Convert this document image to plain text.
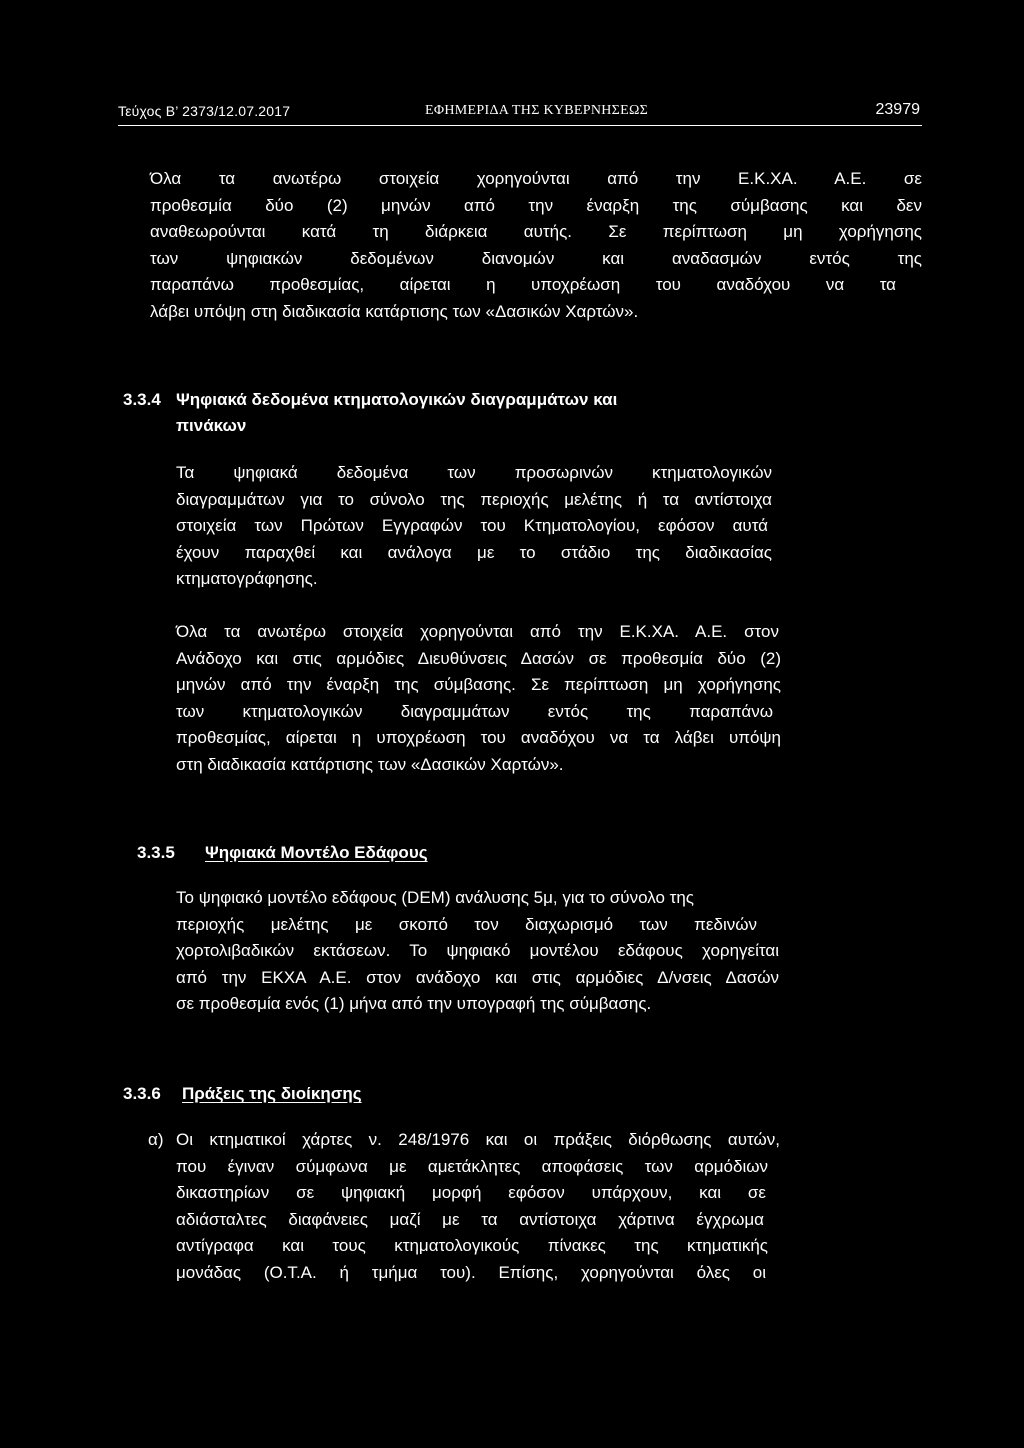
Τεύχος Β’ 2373/12.07.2017	ΕΦΗΜΕΡΙΔΑ ΤΗΣ ΚΥΒΕΡΝΗΣΕΩΣ	23979
Όλα τα ανωτέρω στοιχεία χορηγούνται από την Ε.Κ.ΧΑ. Α.Ε. σε
προθεσμία δύο (2) μηνών από την έναρξη της σύμβασης και δεν
αναθεωρούνται κατά τη διάρκεια αυτής. Σε περίπτωση μη χορήγησης
των ψηφιακών δεδομένων διανομών και αναδασμών εντός της
παραπάνω προθεσμίας, αίρεται η υποχρέωση του αναδόχου να τα
λάβει υπόψη στη διαδικασία κατάρτισης των «Δασικών Χαρτών».
3.3.4 Ψηφιακά δεδομένα κτηματολογικών διαγραμμάτων και
πινάκων
Τα ψηφιακά δεδομένα των προσωρινών κτηματολογικών
διαγραμμάτων για το σύνολο της περιοχής μελέτης ή τα αντίστοιχα
στοιχεία των Πρώτων Εγγραφών του Κτηματολογίου, εφόσον αυτά
έχουν παραχθεί και ανάλογα με το στάδιο της διαδικασίας
κτηματογράφησης.
Όλα τα ανωτέρω στοιχεία χορηγούνται από την Ε.Κ.ΧΑ. Α.Ε. στον
Ανάδοχο και στις αρμόδιες Διευθύνσεις Δασών σε προθεσμία δύο (2)
μηνών από την έναρξη της σύμβασης. Σε περίπτωση μη χορήγησης
των κτηματολογικών διαγραμμάτων εντός της παραπάνω
προθεσμίας, αίρεται η υποχρέωση του αναδόχου να τα λάβει υπόψη
στη διαδικασία κατάρτισης των «Δασικών Χαρτών».
3.3.5 Ψηφιακά Μοντέλο Εδάφους
Το ψηφιακό μοντέλο εδάφους (DEM) ανάλυσης 5μ, για το σύνολο της
περιοχής μελέτης με σκοπό τον διαχωρισμό των πεδινών
χορτολιβαδικών εκτάσεων. Το ψηφιακό μοντέλου εδάφους χορηγείται
από την ΕΚΧΑ Α.Ε. στον ανάδοχο και στις αρμόδιες Δ/νσεις Δασών
σε προθεσμία ενός (1) μήνα από την υπογραφή της σύμβασης.
3.3.6 Πράξεις της διοίκησης
α) Οι κτηματικοί χάρτες ν. 248/1976 και οι πράξεις διόρθωσης αυτών,
που έγιναν σύμφωνα με αμετάκλητες αποφάσεις των αρμόδιων
δικαστηρίων σε ψηφιακή μορφή εφόσον υπάρχουν, και σε
αδιάσταλτες διαφάνειες μαζί με τα αντίστοιχα χάρτινα έγχρωμα
αντίγραφα και τους κτηματολογικούς πίνακες της κτηματικής
μονάδας (Ο.Τ.Α. ή τμήμα του). Επίσης, χορηγούνται όλες οι
